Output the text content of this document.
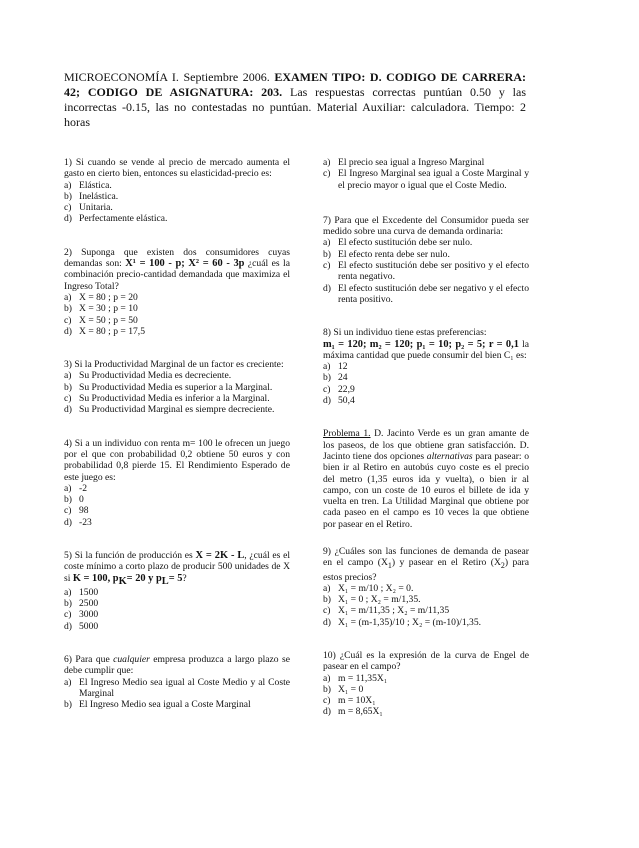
MICROECONOMÍA I. Septiembre 2006. EXAMEN TIPO: D. CODIGO DE CARRERA: 42; CODIGO DE ASIGNATURA: 203. Las respuestas correctas puntúan 0.50 y las incorrectas -0.15, las no contestadas no puntúan. Material Auxiliar: calculadora. Tiempo: 2 horas
1) Si cuando se vende al precio de mercado aumenta el gasto en cierto bien, entonces su elasticidad-precio es:
a) Elástica.
b) Inelástica.
c) Unitaria.
d) Perfectamente elástica.
2) Suponga que existen dos consumidores cuyas demandas son: X¹ = 100 - p; X² = 60 - 3p ¿cuál es la combinación precio-cantidad demandada que maximiza el Ingreso Total?
a) X = 80 ; p = 20
b) X = 30 ; p = 10
c) X = 50 ; p = 50
d) X = 80 ; p = 17,5
3) Si la Productividad Marginal de un factor es creciente:
a) Su Productividad Media es decreciente.
b) Su Productividad Media es superior a la Marginal.
c) Su Productividad Media es inferior a la Marginal.
d) Su Productividad Marginal es siempre decreciente.
4) Si a un individuo con renta m= 100 le ofrecen un juego por el que con probabilidad 0,2 obtiene 50 euros y con probabilidad 0,8 pierde 15. El Rendimiento Esperado de este juego es:
a) -2
b) 0
c) 98
d) -23
5) Si la función de producción es X = 2K - L, ¿cuál es el coste mínimo a corto plazo de producir 500 unidades de X si K = 100, $p_K= 20$ y $p_L= 5$?
a) 1500
b) 2500
c) 3000
d) 5000
6) Para que cualquier empresa produzca a largo plazo se debe cumplir que:
a) El Ingreso Medio sea igual al Coste Medio y al Coste Marginal
b) El Ingreso Medio sea igual a Coste Marginal
a) El precio sea igual a Ingreso Marginal
c) El Ingreso Marginal sea igual a Coste Marginal y el precio mayor o igual que el Coste Medio.
7) Para que el Excedente del Consumidor pueda ser medido sobre una curva de demanda ordinaria:
a) El efecto sustitución debe ser nulo.
b) El efecto renta debe ser nulo.
c) El efecto sustitución debe ser positivo y el efecto renta negativo.
d) El efecto sustitución debe ser negativo y el efecto renta positivo.
8) Si un individuo tiene estas preferencias:
m₁ = 120; m₂ = 120; p₁ = 10; p₂ = 5; r = 0,1 la máxima cantidad que puede consumir del bien C₁ es:
a) 12
b) 24
c) 22,9
d) 50,4
Problema 1. D. Jacinto Verde es un gran amante de los paseos, de los que obtiene gran satisfacción. D. Jacinto tiene dos opciones alternativas para pasear: o bien ir al Retiro en autobús cuyo coste es el precio del metro (1,35 euros ida y vuelta), o bien ir al campo, con un coste de 10 euros el billete de ida y vuelta en tren. La Utilidad Marginal que obtiene por cada paseo en el campo es 10 veces la que obtiene por pasear en el Retiro.
9) ¿Cuáles son las funciones de demanda de pasear en el campo $(X_1)$ y pasear en el Retiro $(X_2)$ para estos precios?
a) X₁ = m/10 ; X₂ = 0.
b) X₁ = 0 ; X₂ = m/1,35.
c) X₁ = m/11,35 ; X₂ = m/11,35
d) X₁ = (m-1,35)/10 ; X₂ = (m-10)/1,35.
10) ¿Cuál es la expresión de la curva de Engel de pasear en el campo?
a) m = 11,35X₁
b) X₁ = 0
c) m = 10X₁
d) m = 8,65X₁
